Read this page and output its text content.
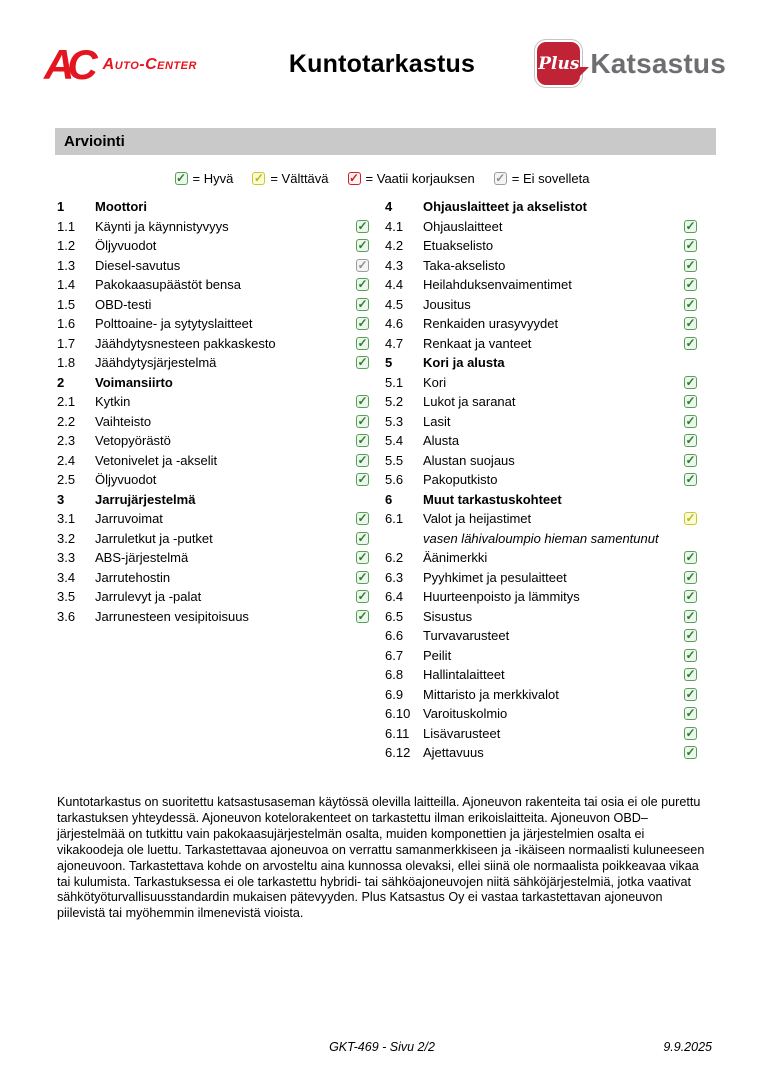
AC Auto-Center	Kuntotarkastus	Plus Katsastus
Arviointi
✓ = Hyvä ✓ = Välttävä ✓ = Vaatii korjauksen ✓ = Ei sovelleta
1	Moottori
1.1	Käynti ja käynnistyvyys	✓
1.2	Öljyvuodot	✓
1.3	Diesel-savutus	✓
1.4	Pakokaasupäästöt bensa	✓
1.5	OBD-testi	✓
1.6	Polttoaine- ja sytytyslaitteet	✓
1.7	Jäähdytysnesteen pakkaskesto	✓
1.8	Jäähdytysjärjestelmä	✓
2	Voimansiirto
2.1	Kytkin	✓
2.2	Vaihteisto	✓
2.3	Vetopyörästö	✓
2.4	Vetonivelet ja -akselit	✓
2.5	Öljyvuodot	✓
3	Jarrujärjestelmä
3.1	Jarruvoimat	✓
3.2	Jarruletkut ja -putket	✓
3.3	ABS-järjestelmä	✓
3.4	Jarrutehostin	✓
3.5	Jarrulevyt ja -palat	✓
3.6	Jarrunesteen vesipitoisuus	✓
4	Ohjauslaitteet ja akselistot
4.1	Ohjauslaitteet	✓
4.2	Etuakselisto	✓
4.3	Taka-akselisto	✓
4.4	Heilahduksenvaimentimet	✓
4.5	Jousitus	✓
4.6	Renkaiden urasyvyydet	✓
4.7	Renkaat ja vanteet	✓
5	Kori ja alusta
5.1	Kori	✓
5.2	Lukot ja saranat	✓
5.3	Lasit	✓
5.4	Alusta	✓
5.5	Alustan suojaus	✓
5.6	Pakoputkisto	✓
6	Muut tarkastuskohteet
6.1	Valot ja heijastimet	✓
vasen lähivaloumpio hieman samentunut
6.2	Äänimerkki	✓
6.3	Pyyhkimet ja pesulaitteet	✓
6.4	Huurteenpoisto ja lämmitys	✓
6.5	Sisustus	✓
6.6	Turvavarusteet	✓
6.7	Peilit	✓
6.8	Hallintalaitteet	✓
6.9	Mittaristo ja merkkivalot	✓
6.10 Varoituskolmio	✓
6.11	Lisävarusteet	✓
6.12 Ajettavuus	✓
Kuntotarkastus on suoritettu katsastusaseman käytössä olevilla laitteilla. Ajoneuvon rakenteita tai osia ei ole purettu tarkastuksen yhteydessä. Ajoneuvon kotelorakenteet on tarkastettu ilman erikoislaitteita. Ajoneuvon OBD–järjestelmää on tutkittu vain pakokaasujärjestelmän osalta, muiden komponettien ja järjestelmien osalta ei vikakoodeja ole luettu. Tarkastettavaa ajoneuvoa on verrattu samanmerkkiseen ja -ikäiseen normaalisti kuluneeseen ajoneuvoon. Tarkastettava kohde on arvosteltu aina kunnossa olevaksi, ellei siinä ole normaalista poikkeavaa vikaa tai kulumista. Tarkastuksessa ei ole tarkastettu hybridi- tai sähköajoneuvojen niitä sähköjärjestelmiä, jotka vaativat sähkötyöturvallisuusstandardin mukaisen pätevyyden. Plus Katsastus Oy ei vastaa tarkastettavan ajoneuvon piilevistä tai myöhemmin ilmenevistä vioista.
GKT-469 - Sivu 2/2	9.9.2025
